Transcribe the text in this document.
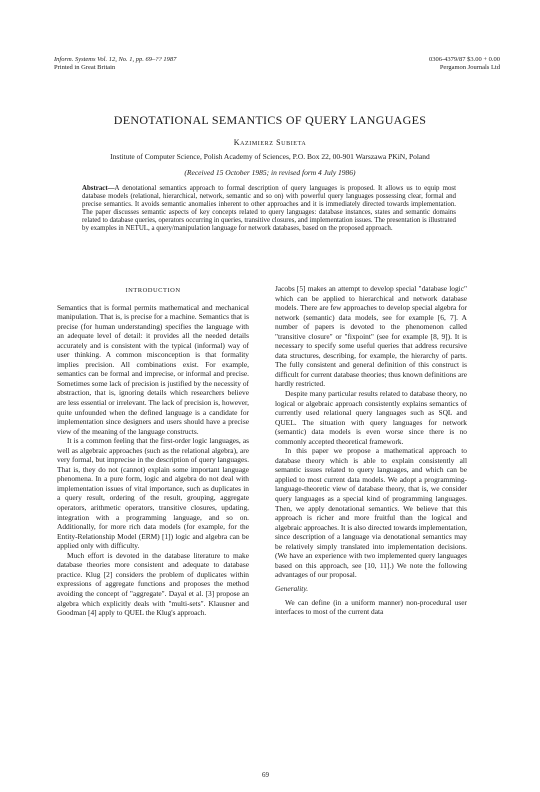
Inform. Systems Vol. 12, No. 1, pp. 69–?? 1987
Printed in Great Britain
0306-4379/87 $3.00 + 0.00
Pergamon Journals Ltd
DENOTATIONAL SEMANTICS OF QUERY LANGUAGES
Kazimierz Subieta
Institute of Computer Science, Polish Academy of Sciences, P.O. Box 22, 00-901 Warszawa PKiN, Poland
(Received 15 October 1985; in revised form 4 July 1986)
Abstract—A denotational semantics approach to formal description of query languages is proposed. It allows us to equip most database models (relational, hierarchical, network, semantic and so on) with powerful query languages possessing clear, formal and precise semantics. It avoids semantic anomalies inherent to other approaches and it is immediately directed towards implementation. The paper discusses semantic aspects of key concepts related to query languages: database instances, states and semantic domains related to database queries, operators occurring in queries, transitive closures, and implementation issues. The presentation is illustrated by examples in NETUL, a query/manipulation language for network databases, based on the proposed approach.
INTRODUCTION

Semantics that is formal permits mathematical and mechanical manipulation. That is, is precise for a machine. Semantics that is precise (for human understanding) specifies the language with an adequate level of detail: it provides all the needed details accurately and is consistent with the typical (informal) way of user thinking. A common misconception is that formality implies precision. All combinations exist. For example, semantics can be formal and imprecise, or informal and precise. Sometimes some lack of precision is justified by the necessity of abstraction, that is, ignoring details which researchers believe are less essential or irrelevant. The lack of precision is, however, quite unfounded when the defined language is a candidate for implementation since designers and users should have a precise view of the meaning of the language constructs.

It is a common feeling that the first-order logic languages, as well as algebraic approaches (such as the relational algebra), are very formal, but imprecise in the description of query languages. That is, they do not (cannot) explain some important language phenomena. In a pure form, logic and algebra do not deal with implementation issues of vital importance, such as duplicates in a query result, ordering of the result, grouping, aggregate operators, arithmetic operators, transitive closures, updating, integration with a programming language, and so on. Additionally, for more rich data models (for example, for the Entity-Relationship Model (ERM) [1]) logic and algebra can be applied only with difficulty.

Much effort is devoted in the database literature to make database theories more consistent and adequate to database practice. Klug [2] considers the problem of duplicates within expressions of aggregate functions and proposes the method avoiding the concept of "aggregate". Dayal et al. [3] propose an algebra which explicitly deals with "multi-sets". Klausner and Goodman [4] apply to QUEL the Klug's approach.

Jacobs [5] makes an attempt to develop special "database logic" which can be applied to hierarchical and network database models. There are few approaches to develop special algebra for network (semantic) data models, see for example [6, 7]. A number of papers is devoted to the phenomenon called "transitive closure" or "fixpoint" (see for example [8, 9]). It is necessary to specify some useful queries that address recursive data structures, describing, for example, the hierarchy of parts. The fully consistent and general definition of this construct is difficult for current database theories; thus known definitions are hardly restricted.

Despite many particular results related to database theory, no logical or algebraic approach consistently explains semantics of currently used relational query languages such as SQL and QUEL. The situation with query languages for network (semantic) data models is even worse since there is no commonly accepted theoretical framework.

In this paper we propose a mathematical approach to database theory which is able to explain consistently all semantic issues related to query languages, and which can be applied to most current data models. We adopt a programming-language-theoretic view of database theory, that is, we consider query languages as a special kind of programming languages. Then, we apply denotational semantics. We believe that this approach is richer and more fruitful than the logical and algebraic approaches. It is also directed towards implementation, since description of a language via denotational semantics may be relatively simply translated into implementation decisions. (We have an experience with two implemented query languages based on this approach, see [10, 11].) We note the following advantages of our proposal.

Generality.

We can define (in a uniform manner) non-procedural user interfaces to most of the current data

69
